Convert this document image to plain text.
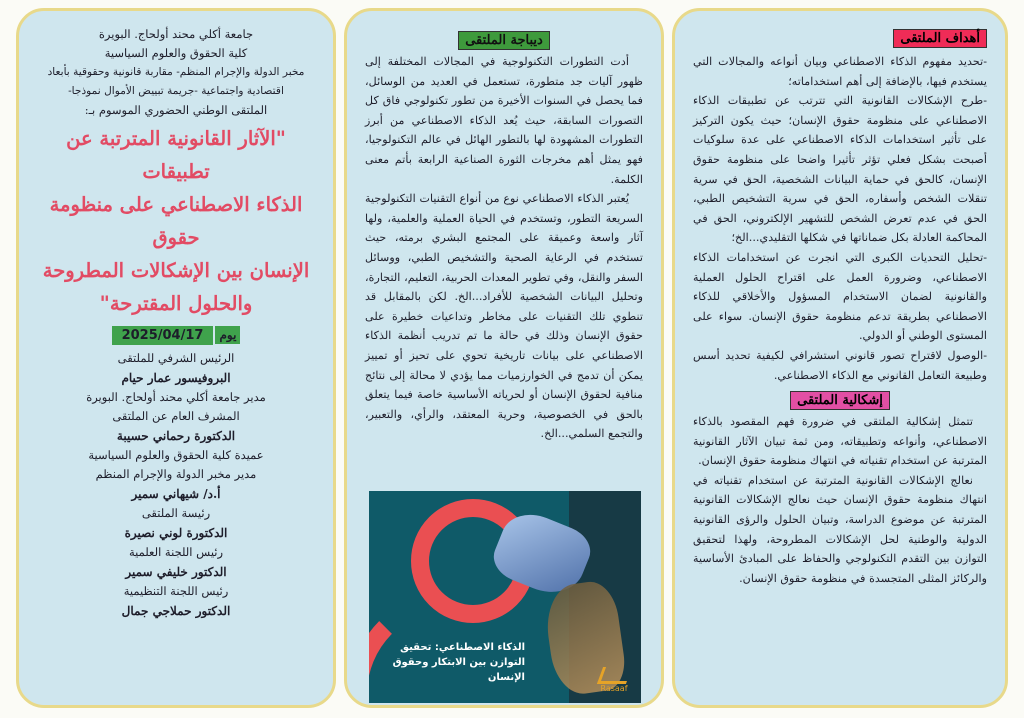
جامعة أكلي محند أولحاج. البويرة

كلية الحقوق والعلوم السياسية

مخبر الدولة والإجرام المنظم- مقاربة قانونية وحقوقية بأبعاد

اقتصادية واجتماعية -جريمة تبييض الأموال نموذجا-

الملتقى الوطني الحضوري الموسوم بـ:

"الآثار القانونية المترتبة عن تطبيقات
الذكاء الاصطناعي على منظومة حقوق
الإنسان بين الإشكالات المطروحة
والحلول المقترحة"
يوم2025/04/17

الرئيس الشرفي للملتقى

البروفيسور عمار حيام

مدير جامعة أكلي محند أولحاج. البويرة

المشرف العام عن الملتقى

الدكتورة رحماني حسيبة

عميدة كلية الحقوق والعلوم السياسية

مدير مخبر الدولة والإجرام المنظم

أ.د/ شيهاني سمير

رئيسة الملتقى

الدكتورة لوني نصيرة

رئيس اللجنة العلمية

الدكتور خليفي سمير

رئيس اللجنة التنظيمية

الدكتور حملاجي جمال

ديباجة الملتقى

أدت التطورات التكنولوجية في المجالات المختلفة إلى ظهور آليات جد متطورة، تستعمل في العديد من الوسائل، فما يحصل في السنوات الأخيرة من تطور تكنولوجي فاق كل التصورات السابقة، حيث يُعد الذكاء الاصطناعي من أبرز التطورات المشهودة لها بالتطور الهائل في عالم التكنولوجيا، فهو يمثل أهم مخرجات الثورة الصناعية الرابعة بأتم معنى الكلمة.

يُعتبر الذكاء الاصطناعي نوع من أنواع التقنيات التكنولوجية السريعة التطور، وتستخدم في الحياة العملية والعلمية، ولها آثار واسعة وعميقة على المجتمع البشري برمته، حيث تستخدم في الرعاية الصحية والتشخيص الطبي، ووسائل السفر والنقل، وفي تطوير المعدات الحربية، التعليم، التجارة، وتحليل البيانات الشخصية للأفراد...الخ. لكن بالمقابل قد تنطوي تلك التقنيات على مخاطر وتداعيات خطيرة على حقوق الإنسان وذلك في حالة ما تم تدريب أنظمة الذكاء الاصطناعي على بيانات تاريخية تحوي على تحيز أو تمييز يمكن أن تدمج في الخوارزميات مما يؤدي لا محالة إلى نتائج منافية لحقوق الإنسان أو لحرياته الأساسية خاصة فيما يتعلق بالحق في الخصوصية، وحرية المعتقد، والرأي، والتعبير، والتجمع السلمي...الخ.

الذكاء الاصطناعي: تحقيق التوازن بين الابتكار وحقوق الإنسان
Rasaaf
أهداف الملتقى

-تحديد مفهوم الذكاء الاصطناعي وبيان أنواعه والمجالات التي يستخدم فيها، بالإضافة إلى أهم استخداماته؛

-طرح الإشكالات القانونية التي تترتب عن تطبيقات الذكاء الاصطناعي على منظومة حقوق الإنسان؛ حيث يكون التركيز على تأثير استخدامات الذكاء الاصطناعي على عدة سلوكيات أصبحت بشكل فعلي تؤثر تأثيرا واضحا على منظومة حقوق الإنسان، كالحق في حماية البيانات الشخصية، الحق في سرية تنقلات الشخص وأسفاره، الحق في سرية التشخيص الطبي، الحق في عدم تعرض الشخص للتشهير الإلكتروني، الحق في المحاكمة العادلة بكل ضماناتها في شكلها التقليدي...الخ؛

-تحليل التحديات الكبرى التي انجرت عن استخدامات الذكاء الاصطناعي، وضرورة العمل على اقتراح الحلول العملية والقانونية لضمان الاستخدام المسؤول والأخلاقي للذكاء الاصطناعي بطريقة تدعم منظومة حقوق الإنسان. سواء على المستوى الوطني أو الدولي.

-الوصول لاقتراح تصور قانوني استشرافي لكيفية تحديد أسس وطبيعة التعامل القانوني مع الذكاء الاصطناعي.

إشكالية الملتقى

تتمثل إشكالية الملتقى في ضرورة فهم المقصود بالذكاء الاصطناعي، وأنواعه وتطبيقاته، ومن ثمة تبيان الآثار القانونية المترتبة عن استخدام تقنياته في انتهاك منظومة حقوق الإنسان.

نعالج الإشكالات القانونية المترتبة عن استخدام تقنياته في انتهاك منظومة حقوق الإنسان حيث نعالج الإشكالات القانونية المترتبة عن موضوع الدراسة، وتبيان الحلول والرؤى القانونية الدولية والوطنية لحل الإشكالات المطروحة، ولهذا لتحقيق التوازن بين التقدم التكنولوجي والحفاظ على المبادئ الأساسية والركائز المثلى المتجسدة في منظومة حقوق الإنسان.
